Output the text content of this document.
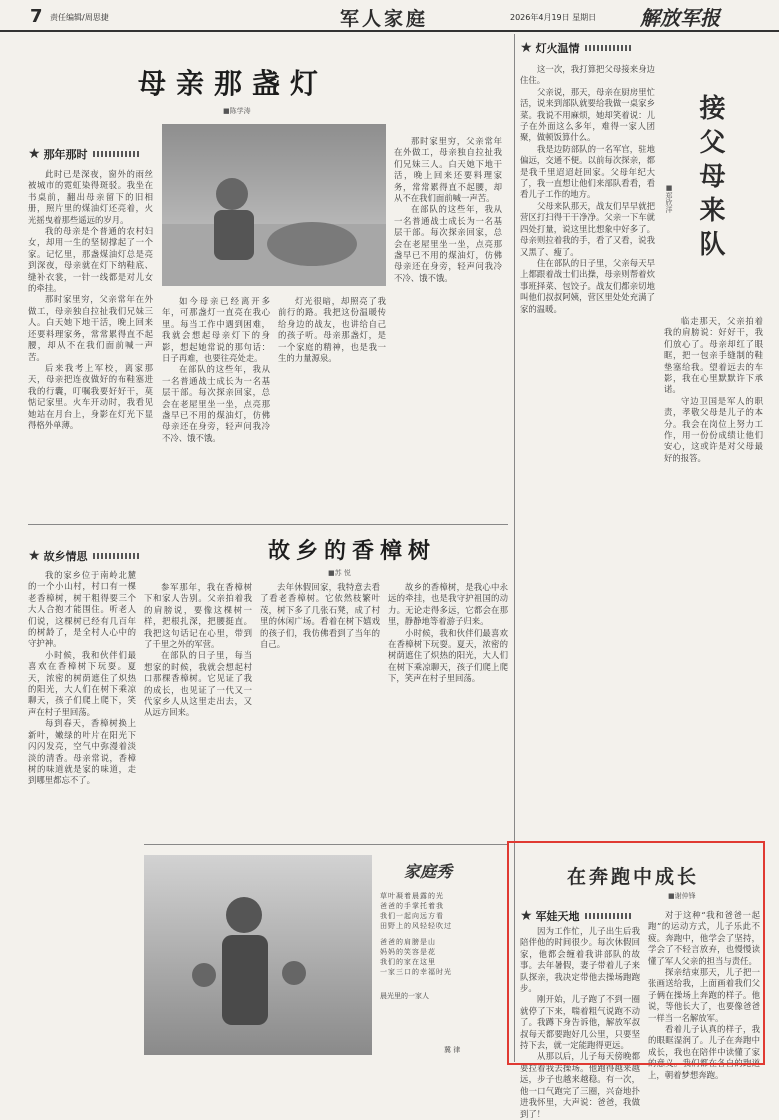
7 责任编辑/周思捷	军人家庭	2026年4月19日 星期日 解放军报
母亲那盏灯
■陈学涛
★ 那年那时

此时已是深夜，窗外的雨丝被城市的霓虹染得斑驳。我坐在书桌前，翻出母亲留下的旧相册，照片里的煤油灯还亮着，火光摇曳着那些遥远的岁月。

我的母亲是个普通的农村妇女，却用一生的坚韧撑起了一个家。记忆里，那盏煤油灯总是亮到深夜，母亲就在灯下纳鞋底、缝补衣裳，一针一线都是对儿女的牵挂。

那时家里穷，父亲常年在外做工，母亲独自拉扯我们兄妹三人。白天她下地干活，晚上回来还要料理家务，常常累得直不起腰，却从不在我们面前喊一声苦。

后来我考上军校，离家那天，母亲把连夜做好的布鞋塞进我的行囊，叮嘱我要好好干，莫惦记家里。火车开动时，我看见她站在月台上，身影在灯光下显得格外单薄。

如今母亲已经离开多年，可那盏灯一直亮在我心里。每当工作中遇到困难，我就会想起母亲灯下的身影，想起她常说的那句话：日子再难，也要往亮处走。

在部队的这些年，我从一名普通战士成长为一名基层干部。每次探亲回家，总会在老屋里坐一坐，点亮那盏早已不用的煤油灯，仿佛母亲还在身旁，轻声问我冷不冷、饿不饿。

灯光很暗，却照亮了我前行的路。我把这份温暖传给身边的战友，也讲给自己的孩子听。母亲那盏灯，是一个家庭的精神，也是我一生的力量源泉。

那时家里穷，父亲常年在外做工，母亲独自拉扯我们兄妹三人。白天她下地干活，晚上回来还要料理家务，常常累得直不起腰，却从不在我们面前喊一声苦。

在部队的这些年，我从一名普通战士成长为一名基层干部。每次探亲回家，总会在老屋里坐一坐，点亮那盏早已不用的煤油灯，仿佛母亲还在身旁，轻声问我冷不冷、饿不饿。

故乡的香樟树
■苏 悦
★ 故乡情思

我的家乡位于南岭北麓的一个小山村，村口有一棵老香樟树，树干粗得要三个大人合抱才能围住。听老人们说，这棵树已经有几百年的树龄了，是全村人心中的守护神。

小时候，我和伙伴们最喜欢在香樟树下玩耍。夏天，浓密的树荫遮住了炽热的阳光，大人们在树下乘凉聊天，孩子们爬上爬下，笑声在村子里回荡。

每到春天，香樟树换上新叶，嫩绿的叶片在阳光下闪闪发亮，空气中弥漫着淡淡的清香。母亲常说，香樟树的味道就是家的味道，走到哪里都忘不了。

参军那年，我在香樟树下和家人告别。父亲拍着我的肩膀说，要像这棵树一样，把根扎深，把腰挺直。我把这句话记在心里，带到了千里之外的军营。

在部队的日子里，每当想家的时候，我就会想起村口那棵香樟树。它见证了我的成长，也见证了一代又一代家乡人从这里走出去，又从远方回来。

去年休假回家，我特意去看了看老香樟树。它依然枝繁叶茂，树下多了几张石凳，成了村里的休闲广场。看着在树下嬉戏的孩子们，我仿佛看到了当年的自己。

故乡的香樟树，是我心中永远的牵挂，也是我守护祖国的动力。无论走得多远，它都会在那里，静静地等着游子归来。

小时候，我和伙伴们最喜欢在香樟树下玩耍。夏天，浓密的树荫遮住了炽热的阳光，大人们在树下乘凉聊天，孩子们爬上爬下，笑声在村子里回荡。

家庭秀
草叶凝着晨露的光
爸爸的手掌托着我
我们一起向远方看
田野上的风轻轻吹过
爸爸的肩膀是山
妈妈的笑容是花
我们的家在这里
一家三口的幸福时光
晨光里的一家人
冀 律
★ 灯火温情
接父母来队
■郑欣洋

这一次，我打算把父母接来身边住住。

父亲说，那天，母亲在厨房里忙活，说来到部队就要给我做一桌家乡菜。我说不用麻烦，她却笑着说：儿子在外面这么多年，难得一家人团聚，做顿饭算什么。

我是边防部队的一名军官，驻地偏远，交通不便。以前每次探亲，都是我千里迢迢赶回家。父母年纪大了，我一直想让他们来部队看看，看看儿子工作的地方。

父母来队那天，战友们早早就把营区打扫得干干净净。父亲一下车就四处打量，说这里比想象中好多了。母亲则拉着我的手，看了又看，说我又黑了、瘦了。

住在部队的日子里，父亲每天早上都跟着战士们出操，母亲则帮着炊事班择菜、包饺子。战友们都亲切地叫他们叔叔阿姨，营区里处处充满了家的温暖。

临走那天，父亲拍着我的肩膀说：好好干，我们放心了。母亲却红了眼眶，把一包亲手缝制的鞋垫塞给我。望着远去的车影，我在心里默默许下承诺。

守边卫国是军人的职责，孝敬父母是儿子的本分。我会在岗位上努力工作，用一份份成绩让他们安心，这或许是对父母最好的报答。

在奔跑中成长
■谢仲锋
★ 军娃天地

因为工作忙，儿子出生后我陪伴他的时间很少。每次休假回家，他都会缠着我讲部队的故事。去年暑假，妻子带着儿子来队探亲，我决定带他去操场跑跑步。

刚开始，儿子跑了不到一圈就停了下来，喘着粗气说跑不动了。我蹲下身告诉他，解放军叔叔每天都要跑好几公里，只要坚持下去，就一定能跑得更远。

从那以后，儿子每天傍晚都要拉着我去操场。他跑得越来越远，步子也越来越稳。有一次，他一口气跑完了三圈，兴奋地扑进我怀里，大声说：爸爸，我做到了！

对于这种“我和爸爸一起跑”的运动方式，儿子乐此不疲。奔跑中，他学会了坚持，学会了不轻言放弃，也慢慢读懂了军人父亲的担当与责任。

探亲结束那天，儿子把一张画送给我，上面画着我们父子俩在操场上奔跑的样子。他说，等他长大了，也要像爸爸一样当一名解放军。

看着儿子认真的样子，我的眼眶湿润了。儿子在奔跑中成长，我也在陪伴中读懂了家的意义。我们都在各自的跑道上，朝着梦想奔跑。
